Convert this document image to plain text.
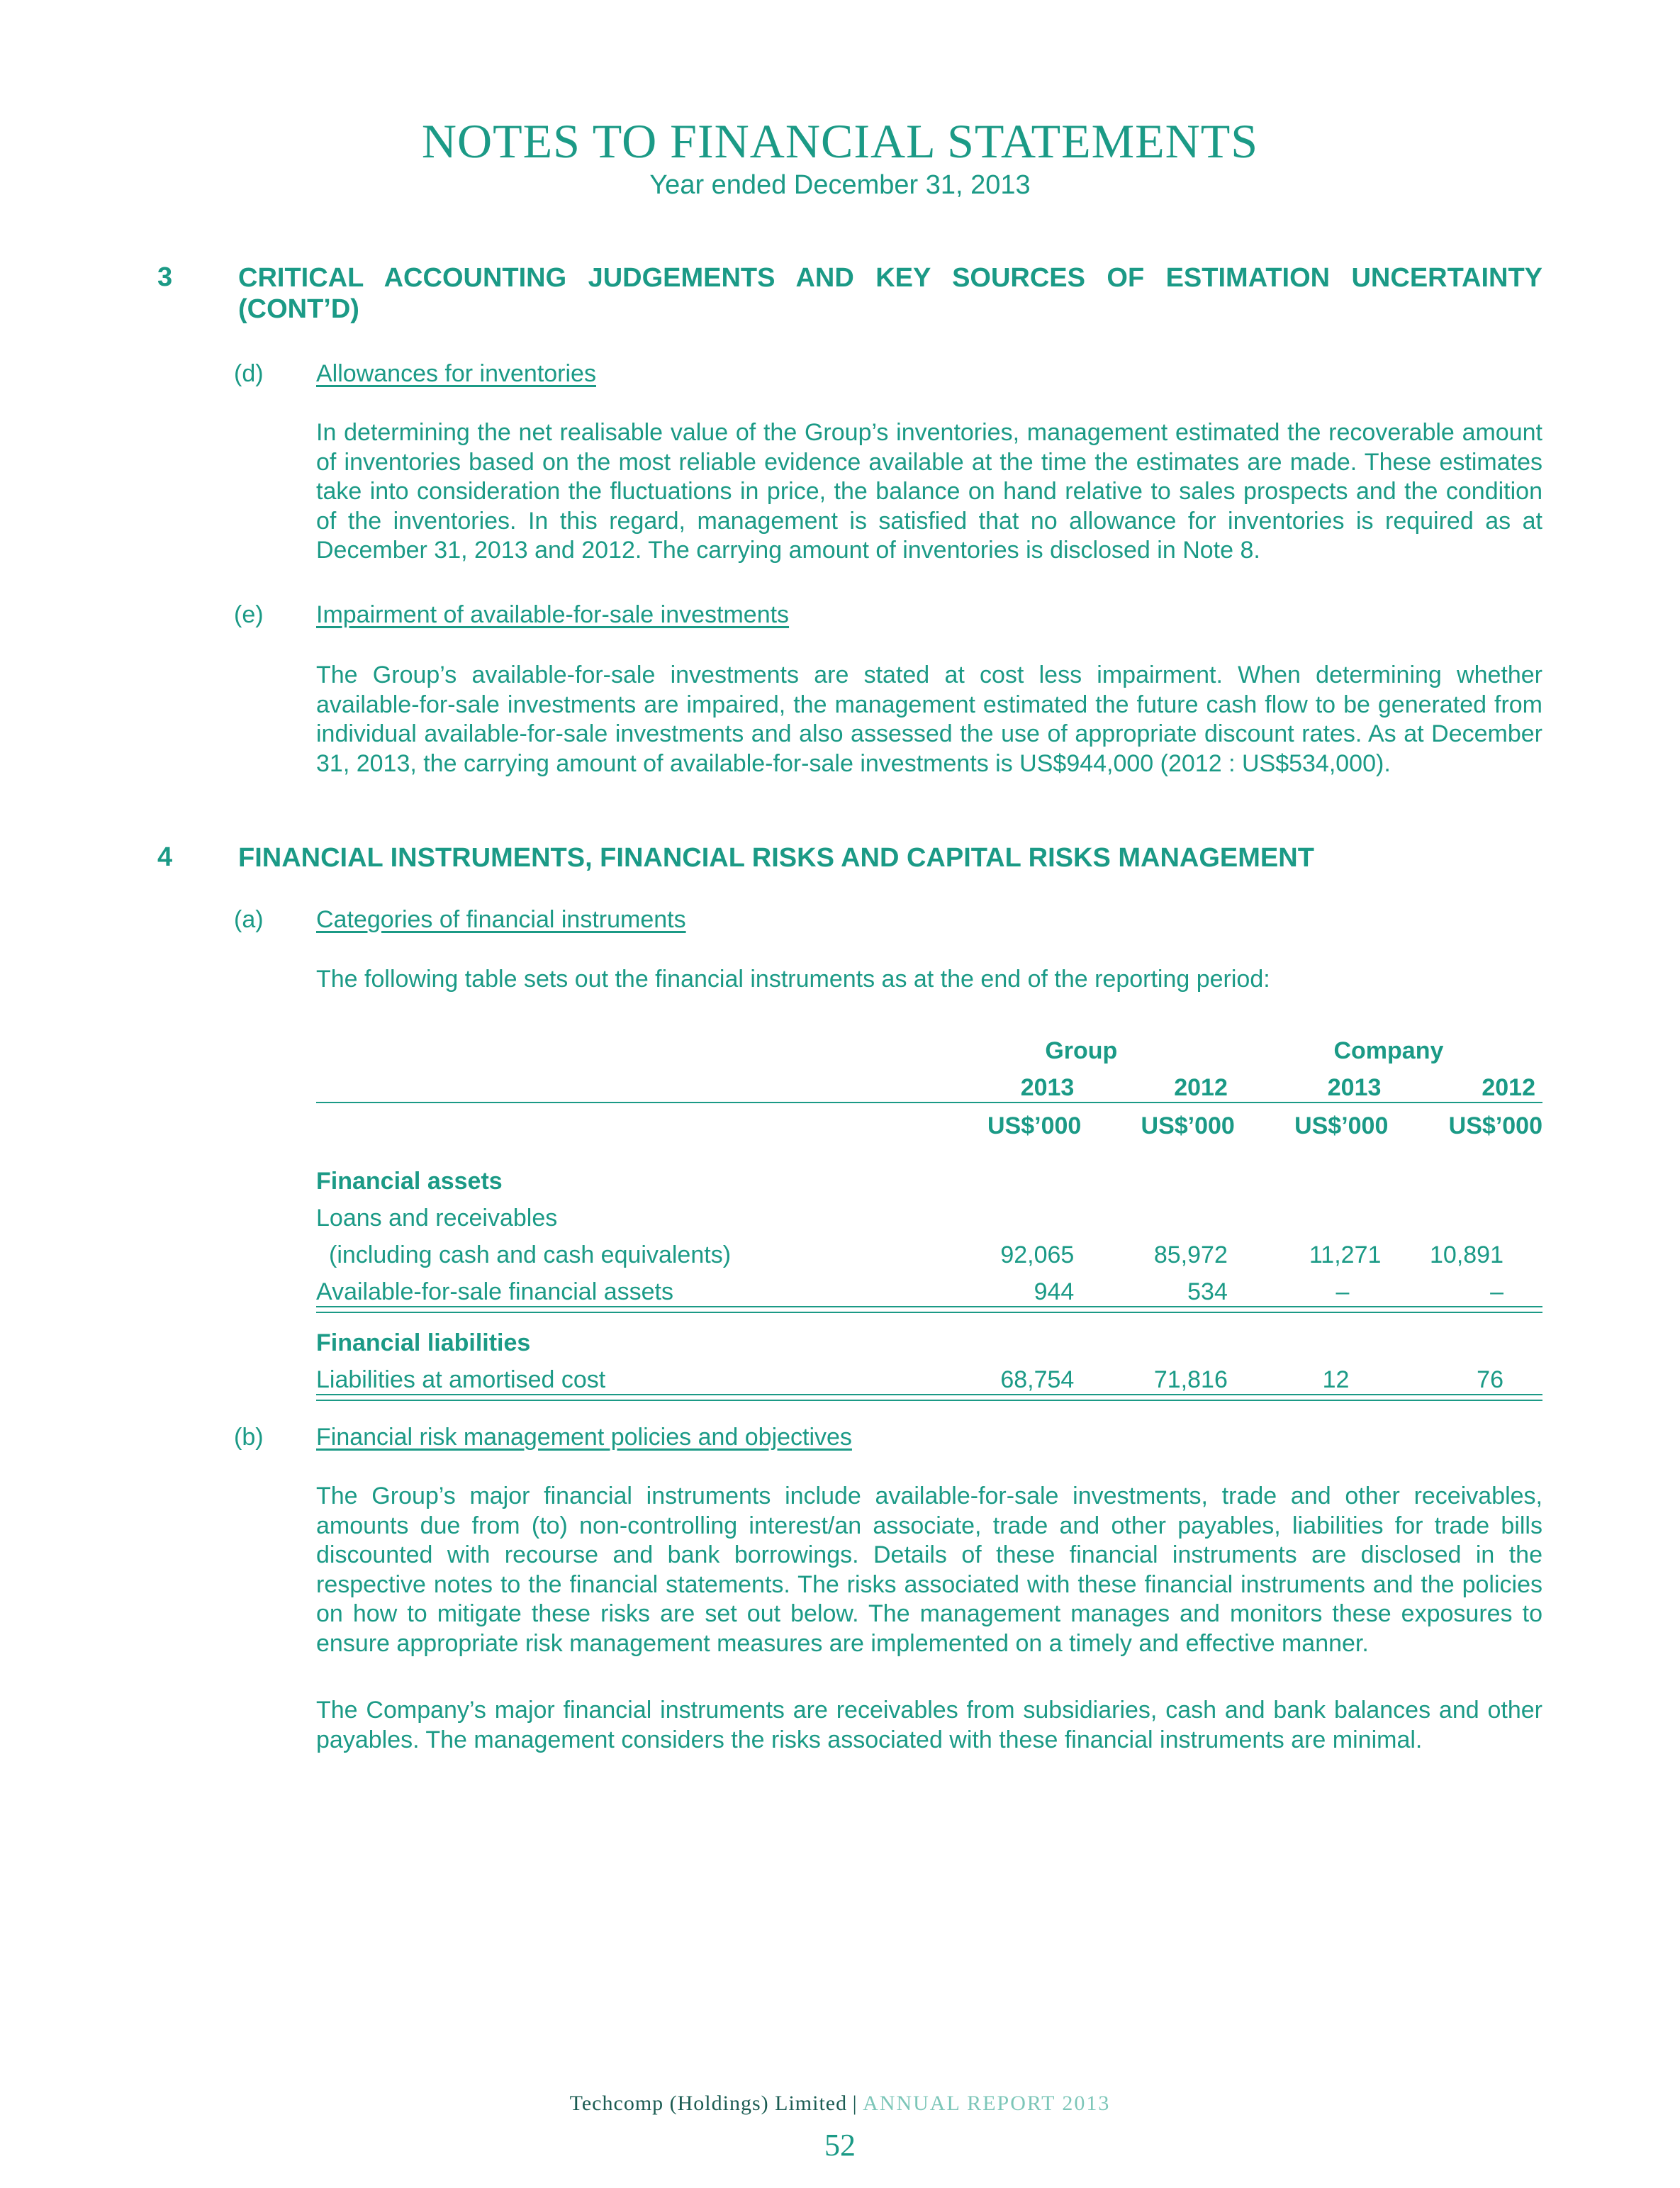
NOTES TO FINANCIAL STATEMENTS
Year ended December 31, 2013
3 CRITICAL ACCOUNTING JUDGEMENTS AND KEY SOURCES OF ESTIMATION UNCERTAINTY (CONT’D)
(d) Allowances for inventories

In determining the net realisable value of the Group’s inventories, management estimated the recoverable amount of inventories based on the most reliable evidence available at the time the estimates are made. These estimates take into consideration the fluctuations in price, the balance on hand relative to sales prospects and the condition of the inventories. In this regard, management is satisfied that no allowance for inventories is required as at December 31, 2013 and 2012. The carrying amount of inventories is disclosed in Note 8.

(e) Impairment of available-for-sale investments

The Group’s available-for-sale investments are stated at cost less impairment. When determining whether available-for-sale investments are impaired, the management estimated the future cash flow to be generated from individual available-for-sale investments and also assessed the use of appropriate discount rates. As at December 31, 2013, the carrying amount of available-for-sale investments is US$944,000 (2012 : US$534,000).

4 FINANCIAL INSTRUMENTS, FINANCIAL RISKS AND CAPITAL RISKS MANAGEMENT
(a) Categories of financial instruments

The following table sets out the financial instruments as at the end of the reporting period:

	Group		Company	
	2013	2012	2013	2012
	US$’000	US$’000	US$’000	US$’000

Financial assets				
Loans and receivables				
(including cash and cash equivalents)	92,065	85,972	11,271	10,891
Available-for-sale financial assets	944	534	–	–

Financial liabilities				
Liabilities at amortised cost	68,754	71,816	12	76

(b) Financial risk management policies and objectives

The Group’s major financial instruments include available-for-sale investments, trade and other receivables, amounts due from (to) non-controlling interest/an associate, trade and other payables, liabilities for trade bills discounted with recourse and bank borrowings. Details of these financial instruments are disclosed in the respective notes to the financial statements. The risks associated with these financial instruments and the policies on how to mitigate these risks are set out below. The management manages and monitors these exposures to ensure appropriate risk management measures are implemented on a timely and effective manner.

The Company’s major financial instruments are receivables from subsidiaries, cash and bank balances and other payables. The management considers the risks associated with these financial instruments are minimal.

Techcomp (Holdings) Limited | ANNUAL REPORT 2013
52
